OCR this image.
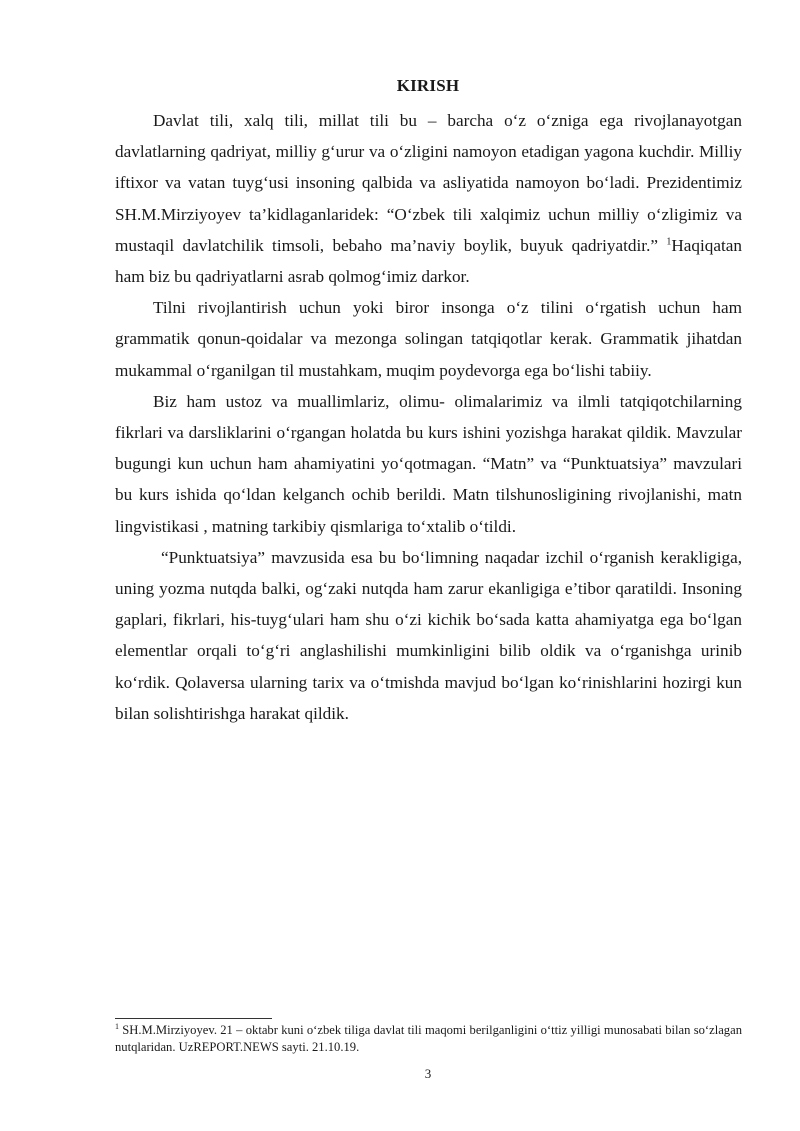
KIRISH

Davlat tili, xalq tili, millat tili bu – barcha o‘z o‘zniga ega rivojlanayotgan davlatlarning qadriyat, milliy g‘urur va o‘zligini namoyon etadigan yagona kuchdir. Milliy iftixor va vatan tuyg‘usi insoning qalbida va asliyatida namoyon bo‘ladi. Prezidentimiz SH.M.Mirziyoyev ta’kidlaganlaridek: “O‘zbek tili xalqimiz uchun milliy o‘zligimiz va mustaqil davlatchilik timsoli, bebaho ma’naviy boylik, buyuk qadriyatdir.” $^1$Haqiqatan ham biz bu qadriyatlarni asrab qolmog‘imiz darkor.

Tilni rivojlantirish uchun yoki biror insonga o‘z tilini o‘rgatish uchun ham grammatik qonun-qoidalar va mezonga solingan tatqiqotlar kerak. Grammatik jihatdan mukammal o‘rganilgan til mustahkam, muqim poydevorga ega bo‘lishi tabiiy.

Biz ham ustoz va muallimlariz, olimu- olimalarimiz va ilmli tatqiqotchilarning fikrlari va darsliklarini o‘rgangan holatda bu kurs ishini yozishga harakat qildik. Mavzular bugungi kun uchun ham ahamiyatini yo‘qotmagan. “Matn” va “Punktuatsiya” mavzulari bu kurs ishida qo‘ldan kelganch ochib berildi. Matn tilshunosligining rivojlanishi, matn lingvistikasi , matning tarkibiy qismlariga to‘xtalib o‘tildi.

“Punktuatsiya” mavzusida esa bu bo‘limning naqadar izchil o‘rganish kerakligiga, uning yozma nutqda balki, og‘zaki nutqda ham zarur ekanligiga e’tibor qaratildi. Insoning gaplari, fikrlari, his-tuyg‘ulari ham shu o‘zi kichik bo‘sada katta ahamiyatga ega bo‘lgan elementlar orqali to‘g‘ri anglashilishi mumkinligini bilib oldik va o‘rganishga urinib ko‘rdik. Qolaversa ularning tarix va o‘tmishda mavjud bo‘lgan ko‘rinishlarini hozirgi kun bilan solishtirishga harakat qildik.

$^1$ SH.M.Mirziyoyev. 21 – oktabr kuni o‘zbek tiliga davlat tili maqomi berilganligini o‘ttiz yilligi munosabati bilan so‘zlagan nutqlaridan. UzREPORT.NEWS sayti. 21.10.19.
3
